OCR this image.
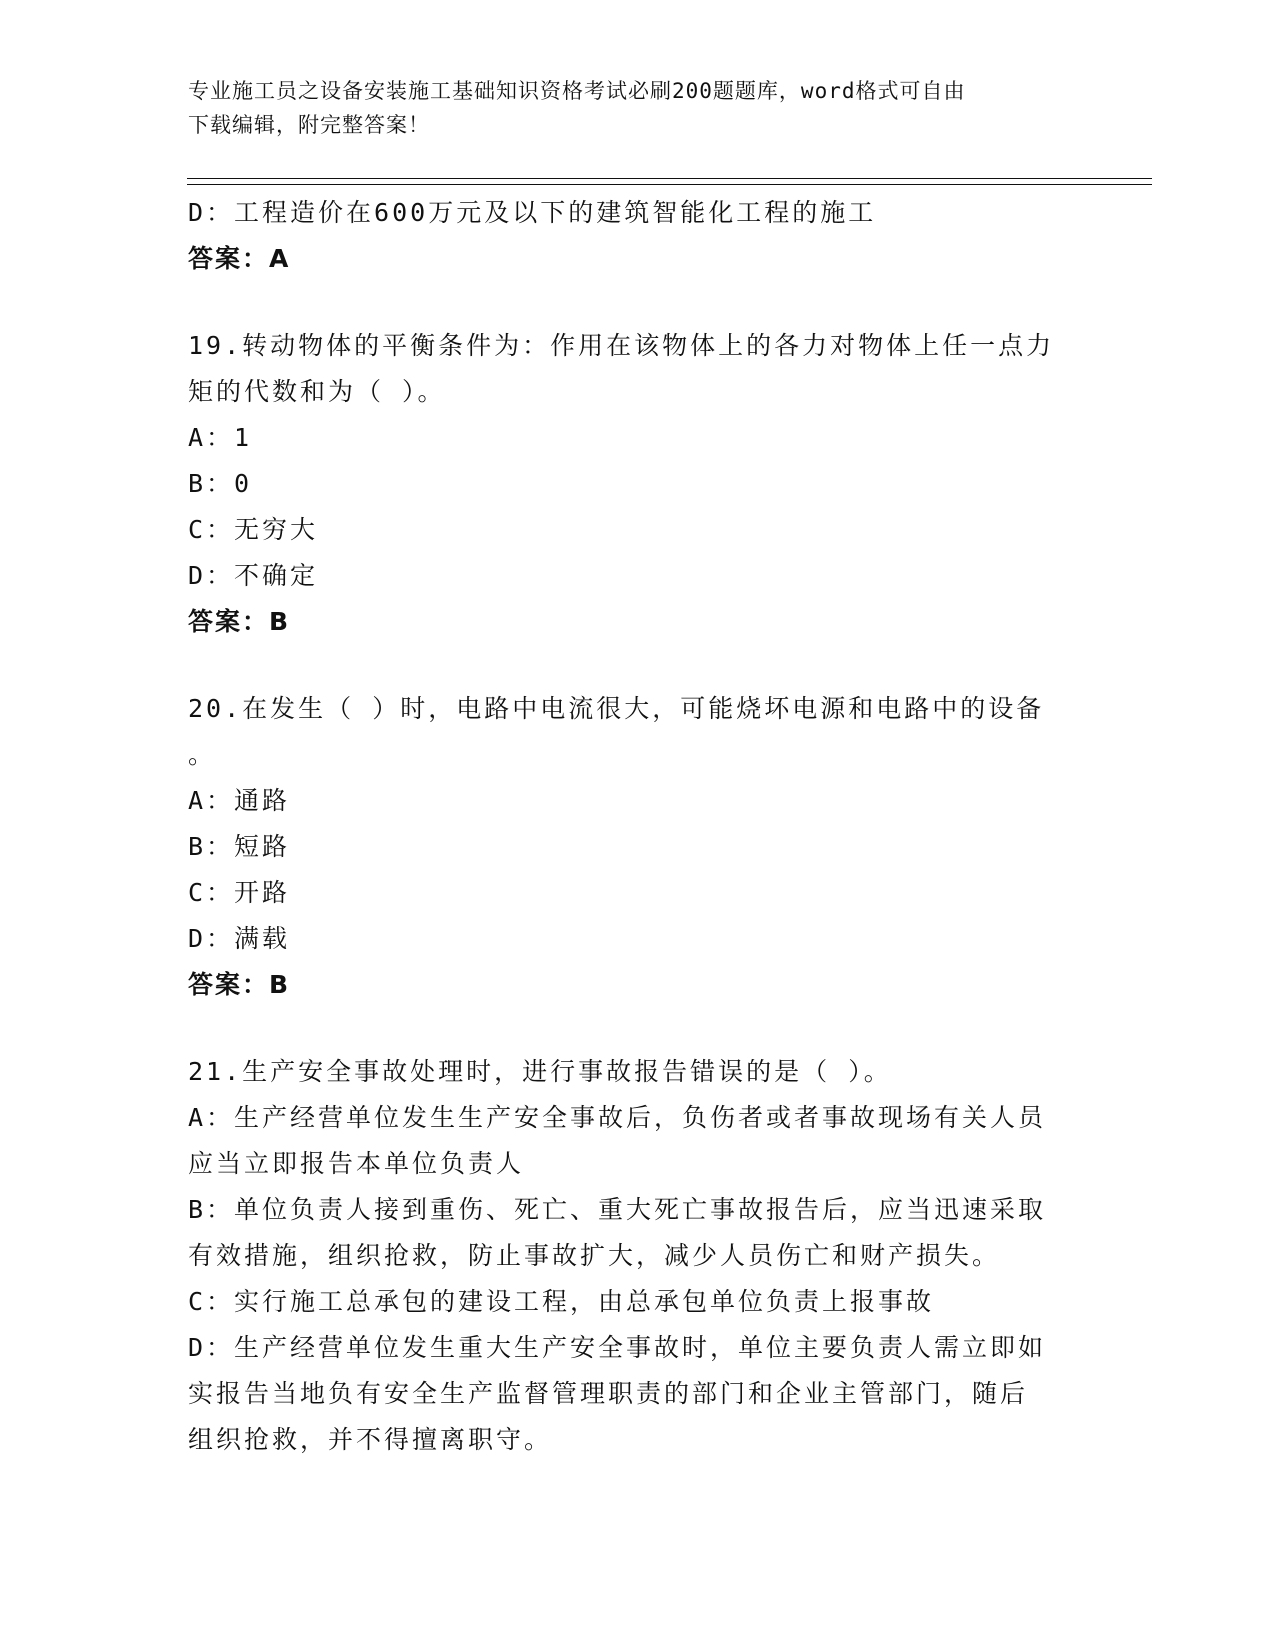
专业施工员之设备安装施工基础知识资格考试必刷200题题库，word格式可自由
下载编辑，附完整答案！
D：工程造价在600万元及以下的建筑智能化工程的施工
答案：A
19.转动物体的平衡条件为：作用在该物体上的各力对物体上任一点力
矩的代数和为（ ）。
A：1
B：0
C：无穷大
D：不确定
答案：B
20.在发生（ ）时，电路中电流很大，可能烧坏电源和电路中的设备
。
A：通路
B：短路
C：开路
D：满载
答案：B
21.生产安全事故处理时，进行事故报告错误的是（ ）。
A：生产经营单位发生生产安全事故后，负伤者或者事故现场有关人员
应当立即报告本单位负责人
B：单位负责人接到重伤、死亡、重大死亡事故报告后，应当迅速采取
有效措施，组织抢救，防止事故扩大，减少人员伤亡和财产损失。
C：实行施工总承包的建设工程，由总承包单位负责上报事故
D：生产经营单位发生重大生产安全事故时，单位主要负责人需立即如
实报告当地负有安全生产监督管理职责的部门和企业主管部门，随后
组织抢救，并不得擅离职守。
